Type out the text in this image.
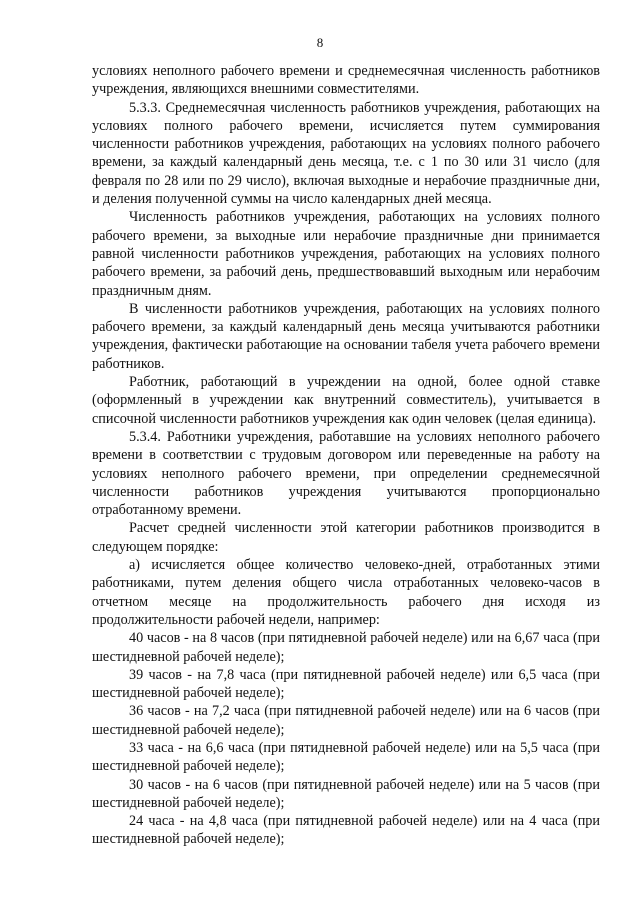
8

условиях неполного рабочего времени и среднемесячная численность работников учреждения, являющихся внешними совместителями.

5.3.3. Среднемесячная численность работников учреждения, работающих на условиях полного рабочего времени, исчисляется путем суммирования численности работников учреждения, работающих на условиях полного рабочего времени, за каждый календарный день месяца, т.е. с 1 по 30 или 31 число (для февраля по 28 или по 29 число), включая выходные и нерабочие праздничные дни, и деления полученной суммы на число календарных дней месяца.

Численность работников учреждения, работающих на условиях полного рабочего времени, за выходные или нерабочие праздничные дни принимается равной численности работников учреждения, работающих на условиях полного рабочего времени, за рабочий день, предшествовавший выходным или нерабочим праздничным дням.

В численности работников учреждения, работающих на условиях полного рабочего времени, за каждый календарный день месяца учитываются работники учреждения, фактически работающие на основании табеля учета рабочего времени работников.

Работник, работающий в учреждении на одной, более одной ставке (оформленный в учреждении как внутренний совместитель), учитывается в списочной численности работников учреждения как один человек (целая единица).

5.3.4. Работники учреждения, работавшие на условиях неполного рабочего времени в соответствии с трудовым договором или переведенные на работу на условиях неполного рабочего времени, при определении среднемесячной численности работников учреждения учитываются пропорционально отработанному времени.

Расчет средней численности этой категории работников производится в следующем порядке:

а) исчисляется общее количество человеко-дней, отработанных этими работниками, путем деления общего числа отработанных человеко-часов в отчетном месяце на продолжительность рабочего дня исходя из продолжительности рабочей недели, например:

40 часов - на 8 часов (при пятидневной рабочей неделе) или на 6,67 часа (при шестидневной рабочей неделе);

39 часов - на 7,8 часа (при пятидневной рабочей неделе) или 6,5 часа (при шестидневной рабочей неделе);

36 часов - на 7,2 часа (при пятидневной рабочей неделе) или на 6 часов (при шестидневной рабочей неделе);

33 часа - на 6,6 часа (при пятидневной рабочей неделе) или на 5,5 часа (при шестидневной рабочей неделе);

30 часов - на 6 часов (при пятидневной рабочей неделе) или на 5 часов (при шестидневной рабочей неделе);

24 часа - на 4,8 часа (при пятидневной рабочей неделе) или на 4 часа (при шестидневной рабочей неделе);
